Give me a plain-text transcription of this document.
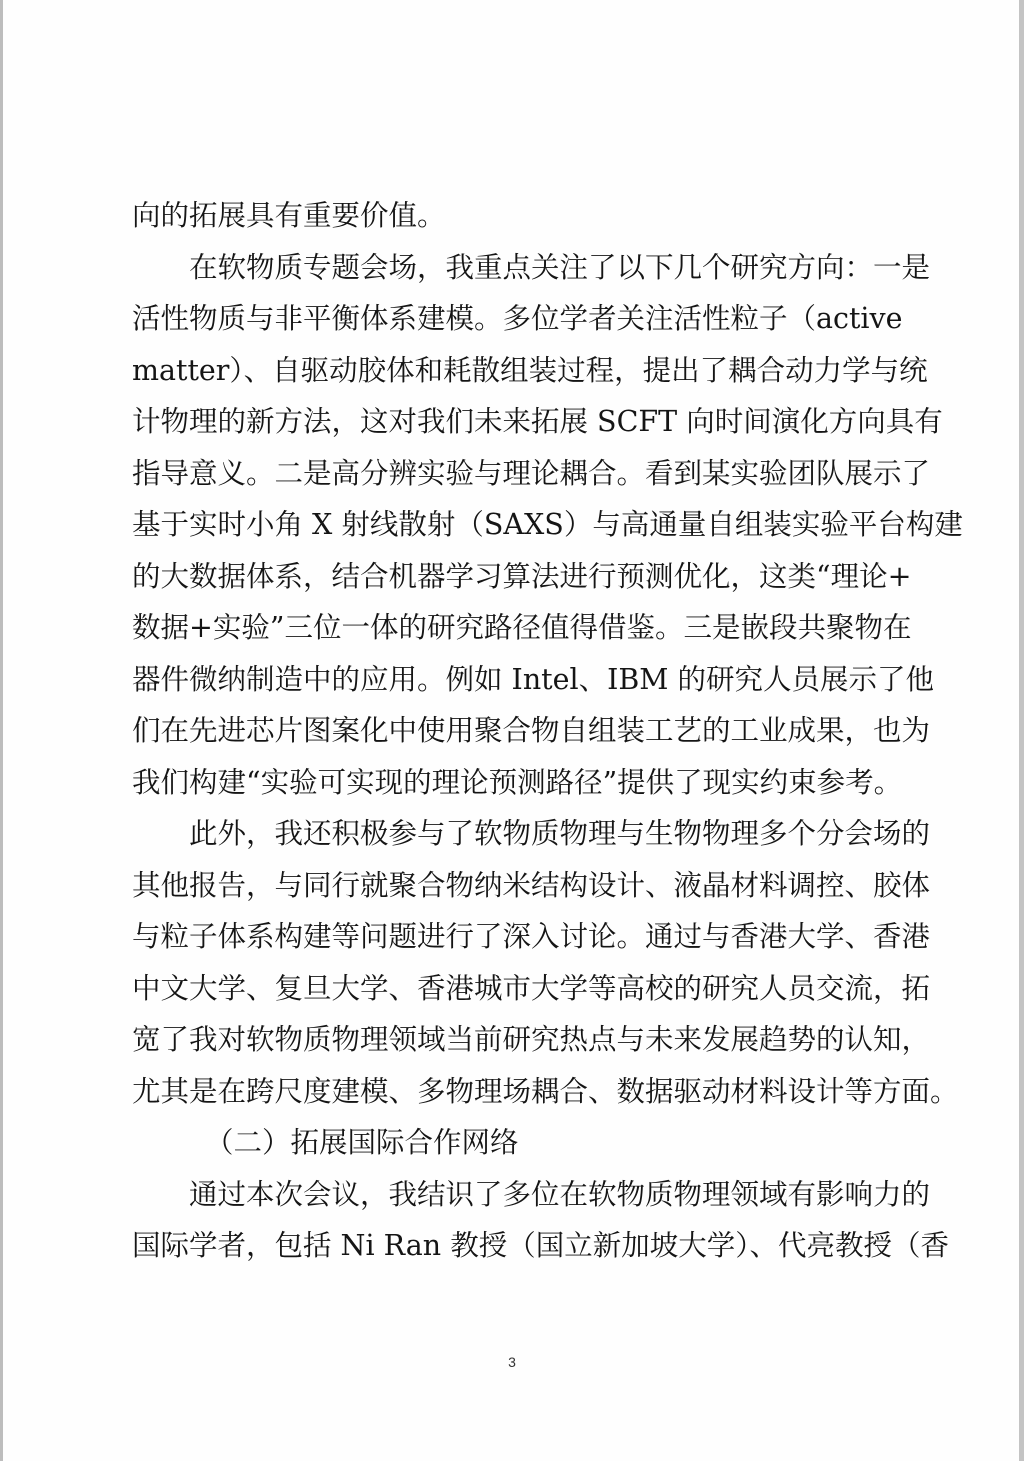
向的拓展具有重要价值。

在软物质专题会场，我重点关注了以下几个研究方向：一是
活性物质与非平衡体系建模。多位学者关注活性粒子（active
matter）、自驱动胶体和耗散组装过程，提出了耦合动力学与统
计物理的新方法，这对我们未来拓展 SCFT 向时间演化方向具有
指导意义。二是高分辨实验与理论耦合。看到某实验团队展示了
基于实时小角 X 射线散射（SAXS）与高通量自组装实验平台构建
的大数据体系，结合机器学习算法进行预测优化，这类“理论+
数据+实验”三位一体的研究路径值得借鉴。三是嵌段共聚物在
器件微纳制造中的应用。例如 Intel、IBM 的研究人员展示了他
们在先进芯片图案化中使用聚合物自组装工艺的工业成果，也为
我们构建“实验可实现的理论预测路径”提供了现实约束参考。

此外，我还积极参与了软物质物理与生物物理多个分会场的
其他报告，与同行就聚合物纳米结构设计、液晶材料调控、胶体
与粒子体系构建等问题进行了深入讨论。通过与香港大学、香港
中文大学、复旦大学、香港城市大学等高校的研究人员交流，拓
宽了我对软物质物理领域当前研究热点与未来发展趋势的认知，
尤其是在跨尺度建模、多物理场耦合、数据驱动材料设计等方面。

（二）拓展国际合作网络

通过本次会议，我结识了多位在软物质物理领域有影响力的
国际学者，包括 Ni Ran 教授（国立新加坡大学）、代亮教授（香

3
